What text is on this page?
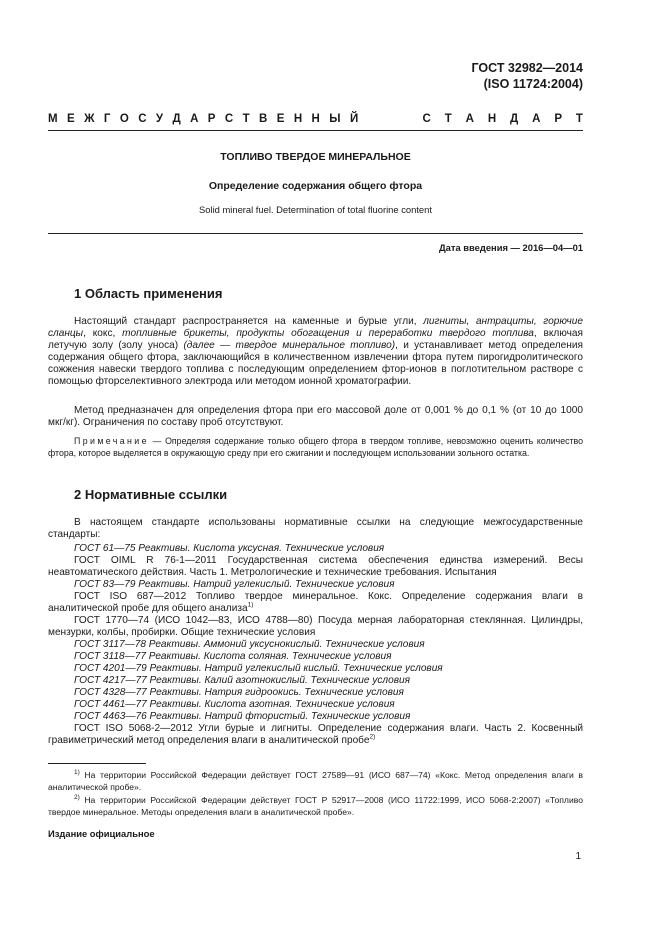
ГОСТ 32982—2014
(ISO 11724:2004)
М Е Ж Г О С У Д А Р С Т В Е Н Н Ы Й	С Т А Н Д А Р Т
ТОПЛИВО ТВЕРДОЕ МИНЕРАЛЬНОЕ
Определение содержания общего фтора
Solid mineral fuel. Determination of total fluorine content
Дата введения — 2016—04—01
1 Область применения
Настоящий стандарт распространяется на каменные и бурые угли, лигниты, антрациты, горючие сланцы, кокс, топливные брикеты, продукты обогащения и переработки твердого топлива, включая летучую золу (золу уноса) (далее — твердое минеральное топливо), и устанавливает метод определения содержания общего фтора, заключающийся в количественном извлечении фтора путем пирогидролитического сожжения навески твердого топлива с последующим определением фтор-ионов в поглотительном растворе с помощью фторселективного электрода или методом ионной хроматографии.
Метод предназначен для определения фтора при его массовой доле от 0,001 % до 0,1 % (от 10 до 1000 мкг/кг). Ограничения по составу проб отсутствуют.
Примечание — Определяя содержание только общего фтора в твердом топливе, невозможно оценить количество фтора, которое выделяется в окружающую среду при его сжигании и последующем использовании зольного остатка.
2 Нормативные ссылки
В настоящем стандарте использованы нормативные ссылки на следующие межгосударственные стандарты:
ГОСТ 61—75 Реактивы. Кислота уксусная. Технические условия
ГОСТ OIML R 76-1—2011 Государственная система обеспечения единства измерений. Весы неавтоматического действия. Часть 1. Метрологические и технические требования. Испытания
ГОСТ 83—79 Реактивы. Натрий углекислый. Технические условия
ГОСТ ISO 687—2012 Топливо твердое минеральное. Кокс. Определение содержания влаги в аналитической пробе для общего анализа$^{1)}$
ГОСТ 1770—74 (ИСО 1042—83, ИСО 4788—80) Посуда мерная лабораторная стеклянная. Цилиндры, мензурки, колбы, пробирки. Общие технические условия
ГОСТ 3117—78 Реактивы. Аммоний уксуснокислый. Технические условия
ГОСТ 3118—77 Реактивы. Кислота соляная. Технические условия
ГОСТ 4201—79 Реактивы. Натрий углекислый кислый. Технические условия
ГОСТ 4217—77 Реактивы. Калий азотнокислый. Технические условия
ГОСТ 4328—77 Реактивы. Натрия гидроокись. Технические условия
ГОСТ 4461—77 Реактивы. Кислота азотная. Технические условия
ГОСТ 4463—76 Реактивы. Натрий фтористый. Технические условия
ГОСТ ISO 5068-2—2012 Угли бурые и лигниты. Определение содержания влаги. Часть 2. Косвенный гравиметрический метод определения влаги в аналитической пробе$^{2)}$
$^{1)}$ На территории Российской Федерации действует ГОСТ 27589—91 (ИСО 687—74) «Кокс. Метод определения влаги в аналитической пробе».
$^{2)}$ На территории Российской Федерации действует ГОСТ Р 52917—2008 (ИСО 11722:1999, ИСО 5068-2:2007) «Топливо твердое минеральное. Методы определения влаги в аналитической пробе».
Издание официальное
1
